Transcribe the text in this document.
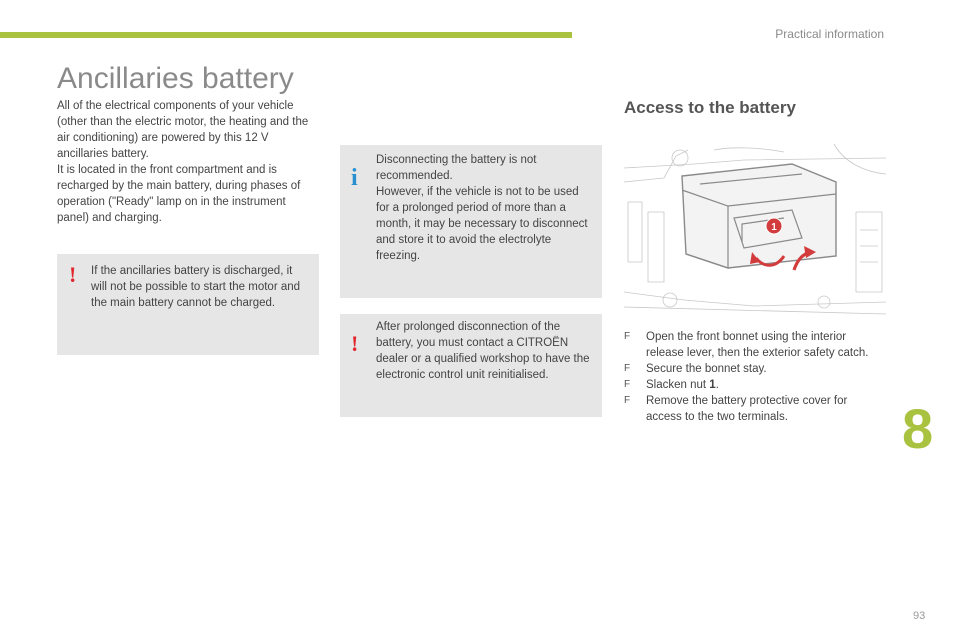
Practical information
Ancillaries battery

All of the electrical components of your vehicle (other than the electric motor, the heating and the air conditioning) are powered by this 12 V ancillaries battery.

It is located in the front compartment and is recharged by the main battery, during phases of operation ("Ready" lamp on in the instrument panel) and charging.

! If the ancillaries battery is discharged, it will not be possible to start the motor and the main battery cannot be charged.

i

Disconnecting the battery is not recommended.

However, if the vehicle is not to be used for a prolonged period of more than a month, it may be necessary to disconnect and store it to avoid the electrolyte freezing.

!

After prolonged disconnection of the battery, you must contact a CITROËN dealer or a qualified workshop to have the electronic control unit reinitialised.

Access to the battery
1
F Open the front bonnet using the interior release lever, then the exterior safety catch.
F Secure the bonnet stay.
F Slacken nut 1.
F Remove the battery protective cover for access to the two terminals.	8
93
